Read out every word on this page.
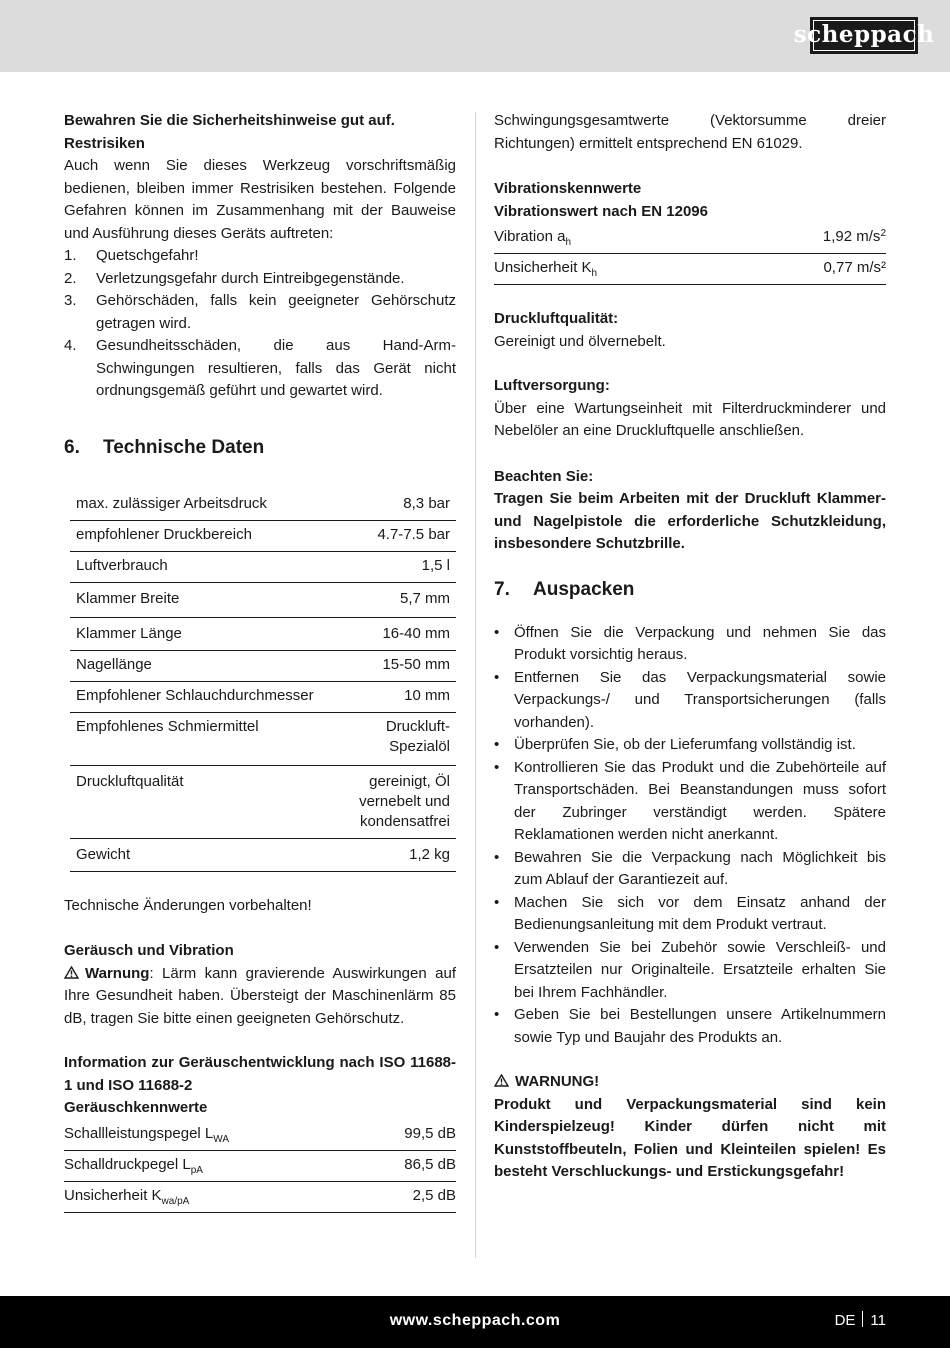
scheppach

Bewahren Sie die Sicherheitshinweise gut auf.

Restrisiken

Auch wenn Sie dieses Werkzeug vorschriftsmäßig bedienen, bleiben immer Restrisiken bestehen. Folgende Gefahren können im Zusammenhang mit der Bauweise und Ausführung dieses Geräts auftreten:

1. Quetschgefahr!
2. Verletzungsgefahr durch Eintreibgegenstände.
3. Gehörschäden, falls kein geeigneter Gehörschutz getragen wird.
4. Gesundheitsschäden, die aus Hand-Arm- Schwingungen resultieren, falls das Gerät nicht ordnungsgemäß geführt und gewartet wird.
6. Technische Daten
max. zulässiger Arbeitsdruck	8,3 bar
empfohlener Druckbereich	4.7-7.5 bar
Luftverbrauch	1,5 l
Klammer Breite	5,7 mm
Klammer Länge	16-40 mm
Nagellänge	15-50 mm
Empfohlener Schlauchdurchmesser	10 mm
Empfohlenes Schmiermittel	Druckluft-
Spezialöl
Druckluftqualität	gereinigt, Öl
vernebelt und
kondensatfrei
Gewicht	1,2 kg

Technische Änderungen vorbehalten!

Geräusch und Vibration

Warnung: Lärm kann gravierende Auswirkungen auf Ihre Gesundheit haben. Übersteigt der Maschinenlärm 85 dB, tragen Sie bitte einen geeigneten Gehörschutz.

Information zur Geräuschentwicklung nach ISO 11688-1 und ISO 11688-2

Geräuschkennwerte

Schallleistungspegel $L_{WA}$	99,5 dB
Schalldruckpegel $L_{pA}$	86,5 dB
Unsicherheit $K_{wa/pA}$	2,5 dB

Schwingungsgesamtwerte (Vektorsumme dreier Richtungen) ermittelt entsprechend EN 61029.

Vibrationskennwerte

Vibrationswert nach EN 12096

Vibration $a_h$	1,92 $m/s^2$
Unsicherheit $K_h$	0,77 m/s²

Druckluftqualität:

Gereinigt und ölvernebelt.

Luftversorgung:

Über eine Wartungseinheit mit Filterdruckminderer und Nebelöler an eine Druckluftquelle anschließen.

Beachten Sie:

Tragen Sie beim Arbeiten mit der Druckluft Klammer- und Nagelpistole die erforderliche Schutzkleidung, insbesondere Schutzbrille.

7. Auspacken
• Öffnen Sie die Verpackung und nehmen Sie das Produkt vorsichtig heraus.
• Entfernen Sie das Verpackungsmaterial sowie Verpackungs-/ und Transportsicherungen (falls vorhanden).
• Überprüfen Sie, ob der Lieferumfang vollständig ist.
• Kontrollieren Sie das Produkt und die Zubehörteile auf Transportschäden. Bei Beanstandungen muss sofort der Zubringer verständigt werden. Spätere Reklamationen werden nicht anerkannt.
• Bewahren Sie die Verpackung nach Möglichkeit bis zum Ablauf der Garantiezeit auf.
• Machen Sie sich vor dem Einsatz anhand der Bedienungsanleitung mit dem Produkt vertraut.
• Verwenden Sie bei Zubehör sowie Verschleiß- und Ersatzteilen nur Originalteile. Ersatzteile erhalten Sie bei Ihrem Fachhändler.
• Geben Sie bei Bestellungen unsere Artikelnummern sowie Typ und Baujahr des Produkts an.

WARNUNG!

Produkt und Verpackungsmaterial sind kein Kinderspielzeug! Kinder dürfen nicht mit Kunststoffbeuteln, Folien und Kleinteilen spielen! Es besteht Verschluckungs- und Erstickungsgefahr!

www.scheppach.com	DE 11
